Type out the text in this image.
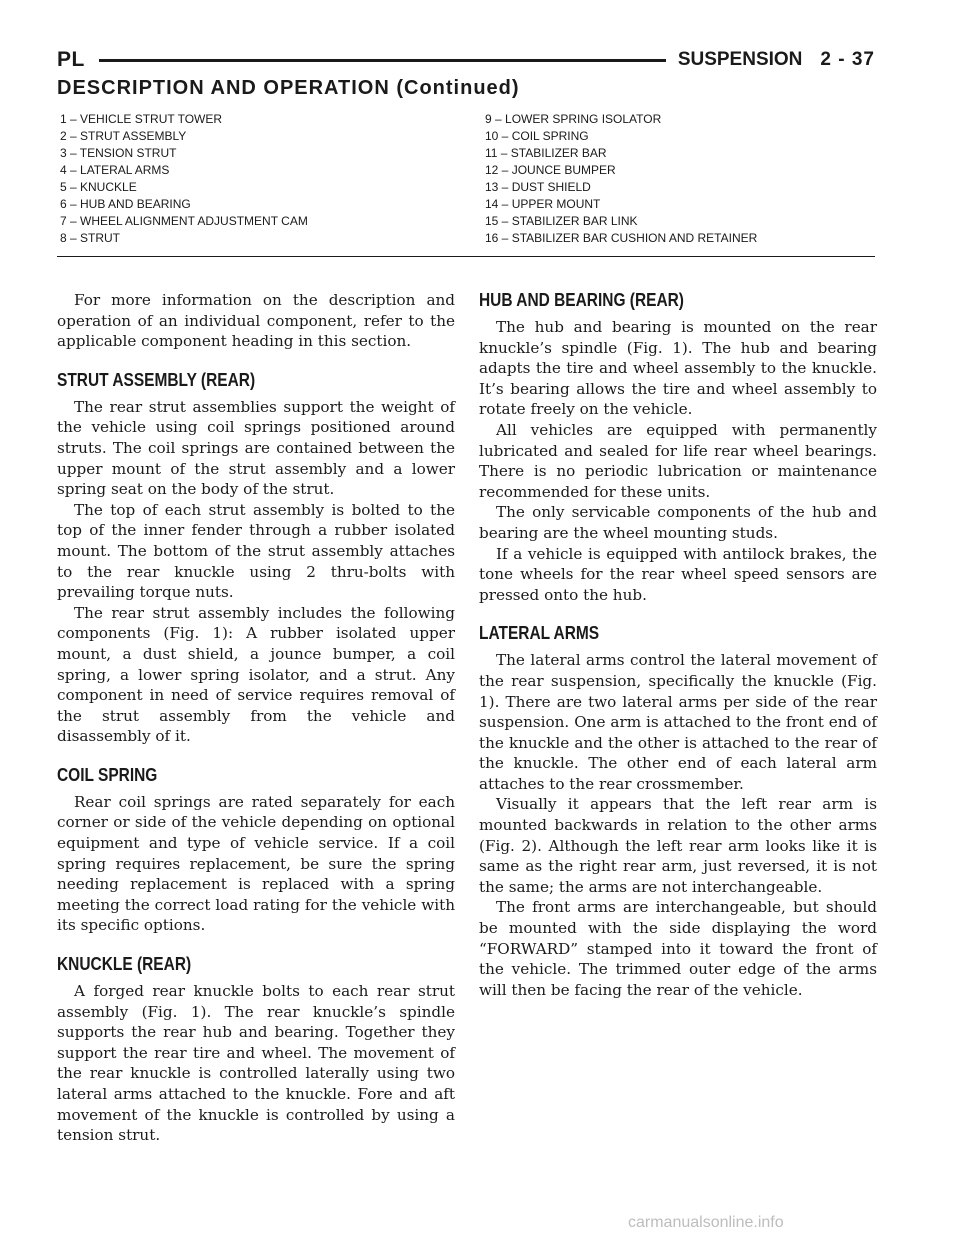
PL	SUSPENSION 2 - 37
DESCRIPTION AND OPERATION (Continued)
1 – VEHICLE STRUT TOWER
2 – STRUT ASSEMBLY
3 – TENSION STRUT
4 – LATERAL ARMS
5 – KNUCKLE
6 – HUB AND BEARING
7 – WHEEL ALIGNMENT ADJUSTMENT CAM
8 – STRUT
9 – LOWER SPRING ISOLATOR
10 – COIL SPRING
11 – STABILIZER BAR
12 – JOUNCE BUMPER
13 – DUST SHIELD
14 – UPPER MOUNT
15 – STABILIZER BAR LINK
16 – STABILIZER BAR CUSHION AND RETAINER

For more information on the description and operation of an individual component, refer to the applicable component heading in this section.

STRUT ASSEMBLY (REAR)

The rear strut assemblies support the weight of the vehicle using coil springs positioned around struts. The coil springs are contained between the upper mount of the strut assembly and a lower spring seat on the body of the strut.

The top of each strut assembly is bolted to the top of the inner fender through a rubber isolated mount. The bottom of the strut assembly attaches to the rear knuckle using 2 thru-bolts with prevailing torque nuts.

The rear strut assembly includes the following components (Fig. 1): A rubber isolated upper mount, a dust shield, a jounce bumper, a coil spring, a lower spring isolator, and a strut. Any component in need of service requires removal of the strut assembly from the vehicle and disassembly of it.

COIL SPRING

Rear coil springs are rated separately for each corner or side of the vehicle depending on optional equipment and type of vehicle service. If a coil spring requires replacement, be sure the spring needing replacement is replaced with a spring meeting the correct load rating for the vehicle with its specific options.

KNUCKLE (REAR)

A forged rear knuckle bolts to each rear strut assembly (Fig. 1). The rear knuckle’s spindle supports the rear hub and bearing. Together they support the rear tire and wheel. The movement of the rear knuckle is controlled laterally using two lateral arms attached to the knuckle. Fore and aft movement of the knuckle is controlled by using a tension strut.

HUB AND BEARING (REAR)

The hub and bearing is mounted on the rear knuckle’s spindle (Fig. 1). The hub and bearing adapts the tire and wheel assembly to the knuckle. It’s bearing allows the tire and wheel assembly to rotate freely on the vehicle.

All vehicles are equipped with permanently lubricated and sealed for life rear wheel bearings. There is no periodic lubrication or maintenance recommended for these units.

The only servicable components of the hub and bearing are the wheel mounting studs.

If a vehicle is equipped with antilock brakes, the tone wheels for the rear wheel speed sensors are pressed onto the hub.

LATERAL ARMS

The lateral arms control the lateral movement of the rear suspension, specifically the knuckle (Fig. 1). There are two lateral arms per side of the rear suspension. One arm is attached to the front end of the knuckle and the other is attached to the rear of the knuckle. The other end of each lateral arm attaches to the rear crossmember.

Visually it appears that the left rear arm is mounted backwards in relation to the other arms (Fig. 2). Although the left rear arm looks like it is same as the right rear arm, just reversed, it is not the same; the arms are not interchangeable.

The front arms are interchangeable, but should be mounted with the side displaying the word “FORWARD” stamped into it toward the front of the vehicle. The trimmed outer edge of the arms will then be facing the rear of the vehicle.

carmanualsonline.info
